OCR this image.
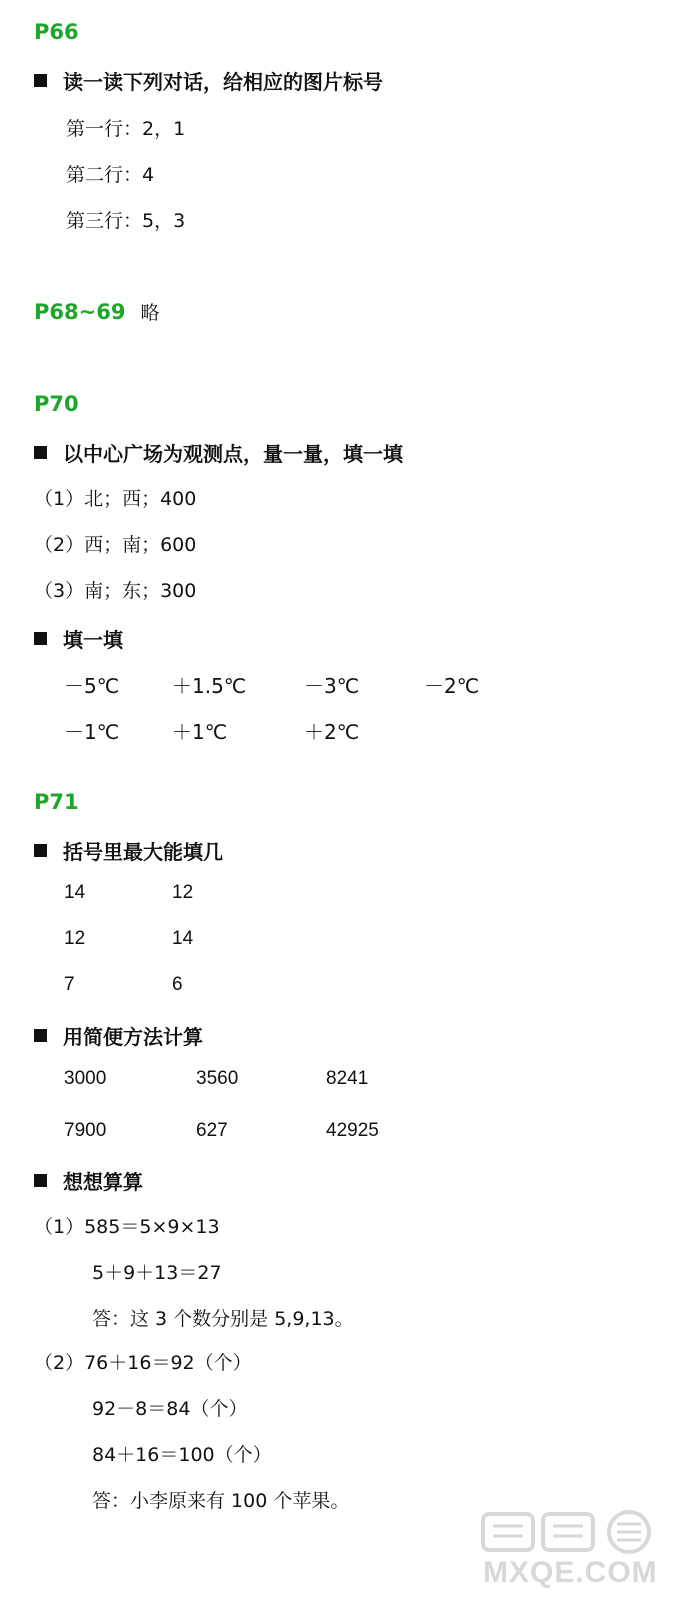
P66
读一读下列对话，给相应的图片标号
第一行：2，1
第二行：4
第三行：5，3
P68~69 略
P70
以中心广场为观测点，量一量，填一填
（1）北；西；400
（2）西；南；600
（3）南；东；300
填一填
－5℃	＋1.5℃	－3℃	－2℃
－1℃	＋1℃	＋2℃
P71
括号里最大能填几
14	12
12	14
7	6
用简便方法计算
3000	3560	8241
7900	627	42925
想想算算
（1）585＝5×9×13
5＋9＋13＝27
答：这 3 个数分别是 5,9,13。
（2）76＋16＝92（个）
92－8＝84（个）
84＋16＝100（个）
答：小李原来有 100 个苹果。
MXQE.COM
